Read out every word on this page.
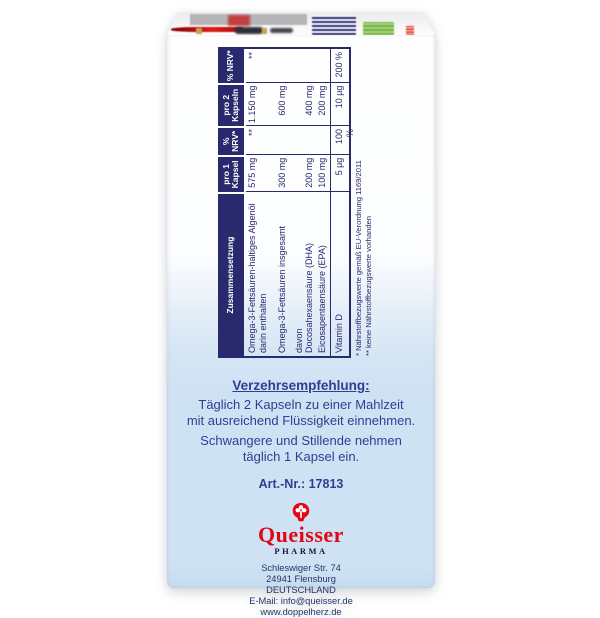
Zusammensetzung
pro 1 Kapsel
% NRV*
pro 2 Kapseln
% NRV*
Omega-3-Fettsäuren-haltiges Algenöl
darin enthalten
575 mg
**
1.150 mg
**
Omega-3-Fettsäuren insgesamt
300 mg
600 mg
davon Docosahexaensäure (DHA)
200 mg
400 mg
Eicosapentaensäure (EPA)
100 mg
200 mg
Vitamin D
5 µg
100 %
10 µg
200 %
* Nährstoffbezugswerte gemäß EU-Verordnung 1169/2011 ** keine Nährstoffbezugswerte vorhanden
Verzehrsempfehlung:

Täglich 2 Kapseln zu einer Mahlzeit
mit ausreichend Flüssigkeit einnehmen.

Schwangere und Stillende nehmen
täglich 1 Kapsel ein.

Art.-Nr.: 17813
Queisser
PHARMA
Schleswiger Str. 74
24941 Flensburg
DEUTSCHLAND
E-Mail: info@queisser.de
www.doppelherz.de
